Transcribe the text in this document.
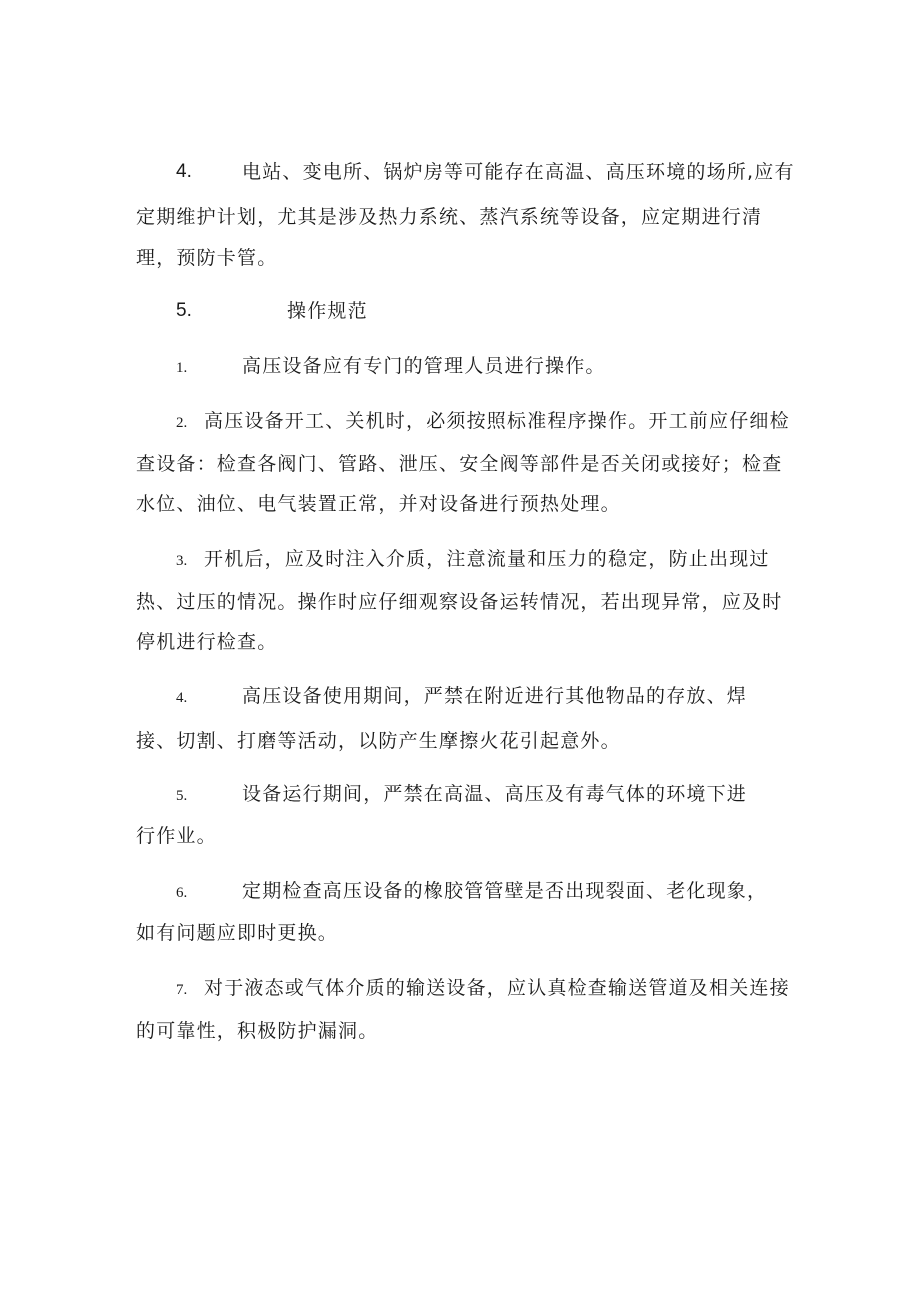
4.	电站、变电所、锅炉房等可能存在高温、高压环境的场所,应有
定期维护计划，尤其是涉及热力系统、蒸汽系统等设备，应定期进行清
理，预防卡管。
5.	操作规范
1.	高压设备应有专门的管理人员进行操作。
2. 高压设备开工、关机时，必须按照标准程序操作。开工前应仔细检
查设备：检查各阀门、管路、泄压、安全阀等部件是否关闭或接好；检查
水位、油位、电气装置正常，并对设备进行预热处理。
3. 开机后，应及时注入介质，注意流量和压力的稳定，防止出现过
热、过压的情况。操作时应仔细观察设备运转情况，若出现异常，应及时
停机进行检查。
4.	高压设备使用期间，严禁在附近进行其他物品的存放、焊
接、切割、打磨等活动，以防产生摩擦火花引起意外。
5.	设备运行期间，严禁在高温、高压及有毒气体的环境下进
行作业。
6.	定期检查高压设备的橡胶管管壁是否出现裂面、老化现象，
如有问题应即时更换。
7. 对于液态或气体介质的输送设备，应认真检查输送管道及相关连接
的可靠性，积极防护漏洞。
